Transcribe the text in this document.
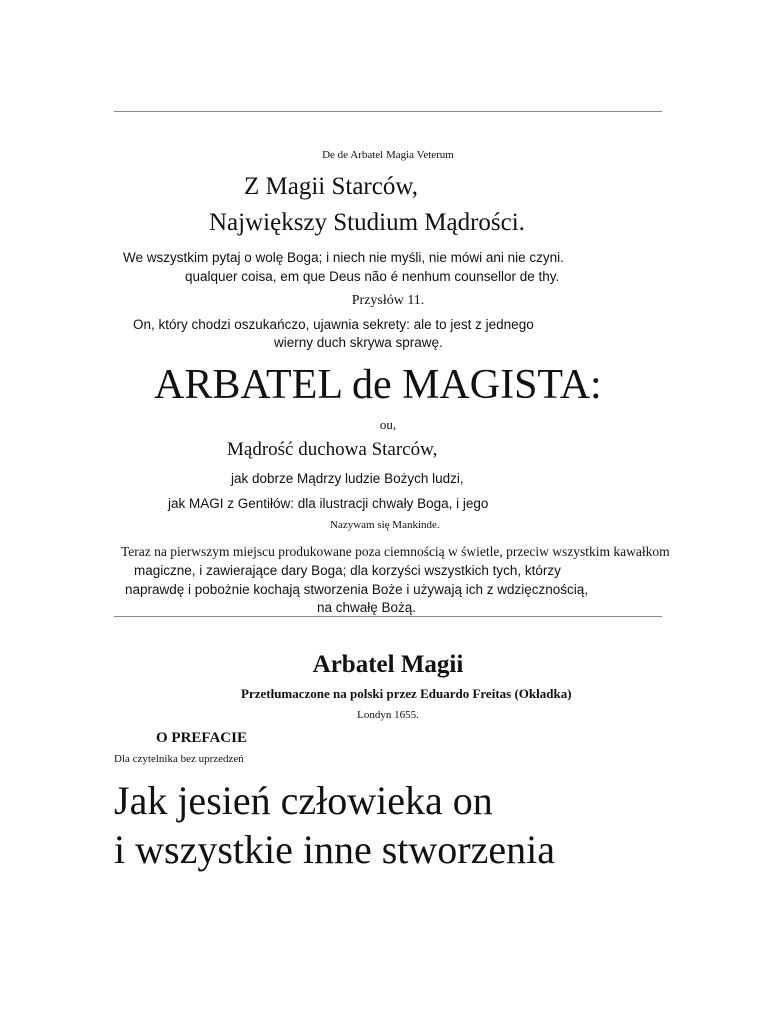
De de Arbatel Magia Veterum
Z Magii Starców,
Największy Studium Mądrości.
We wszystkim pytaj o wolę Boga; i niech nie myśli, nie mówi ani nie czyni.
qualquer coisa, em que Deus não é nenhum counsellor de thy.
Przysłów 11.
On, który chodzi oszukańczo, ujawnia sekrety: ale to jest z jednego
wierny duch skrywa sprawę.
ARBATEL de MAGISTA:
ou,
Mądrość duchowa Starców,
jak dobrze Mądrzy ludzie Bożych ludzi,
jak MAGI z Gentiłów: dla ilustracji chwały Boga, i jego
Nazywam się Mankinde.
Teraz na pierwszym miejscu produkowane poza ciemnością w świetle, przeciw wszystkim kawałkom
magiczne, i zawierające dary Boga; dla korzyści wszystkich tych, którzy
naprawdę i pobożnie kochają stworzenia Boże i używają ich z wdzięcznością,
na chwałę Bożą.
Arbatel Magii
Przetłumaczone na polski przez Eduardo Freitas (Okładka)
Londyn 1655.
O PREFACIE
Dla czytelnika bez uprzedzeń
Jak jesień człowieka on
i wszystkie inne stworzenia
